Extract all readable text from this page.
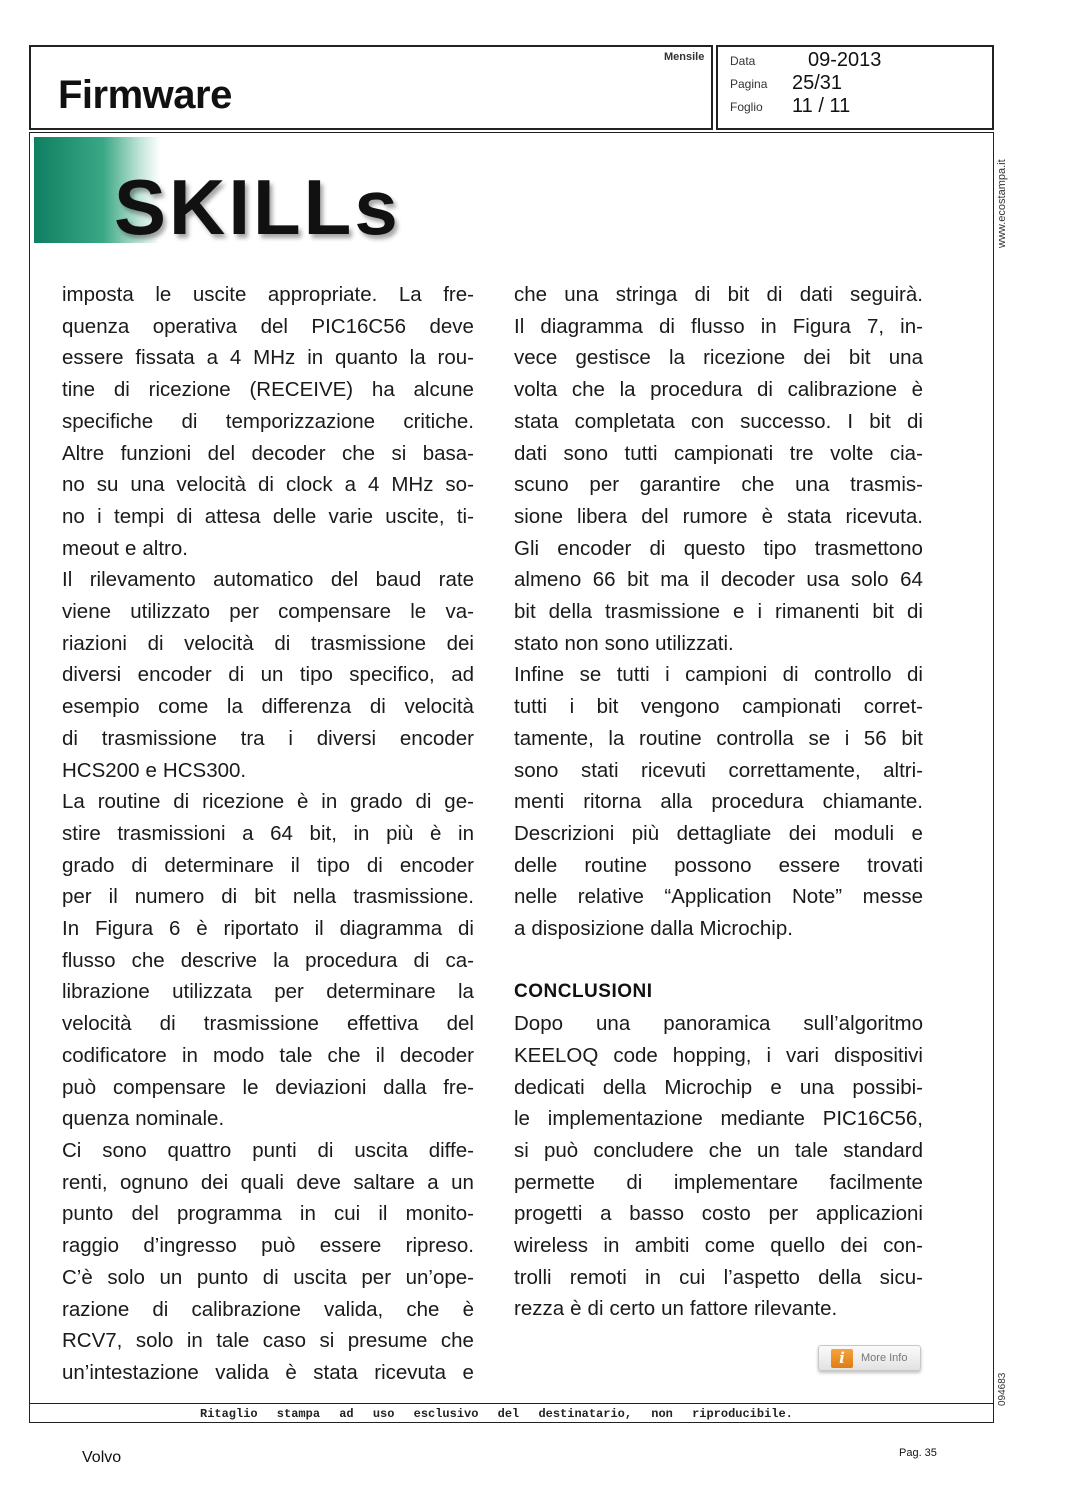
Firmware
Mensile Data	09-2013
Pagina 25/31
Foglio 11 / 11
www.ecostampa.it
094683
SKILLs
imposta le uscite appropriate. La fre-
quenza operativa del PIC16C56 deve
essere fissata a 4 MHz in quanto la rou-
tine di ricezione (RECEIVE) ha alcune
specifiche di temporizzazione critiche.
Altre funzioni del decoder che si basa-
no su una velocità di clock a 4 MHz so-
no i tempi di attesa delle varie uscite, ti-
meout e altro.
Il rilevamento automatico del baud rate
viene utilizzato per compensare le va-
riazioni di velocità di trasmissione dei
diversi encoder di un tipo specifico, ad
esempio come la differenza di velocità
di trasmissione tra i diversi encoder
HCS200 e HCS300.
La routine di ricezione è in grado di ge-
stire trasmissioni a 64 bit, in più è in
grado di determinare il tipo di encoder
per il numero di bit nella trasmissione.
In Figura 6 è riportato il diagramma di
flusso che descrive la procedura di ca-
librazione utilizzata per determinare la
velocità di trasmissione effettiva del
codificatore in modo tale che il decoder
può compensare le deviazioni dalla fre-
quenza nominale.
Ci sono quattro punti di uscita diffe-
renti, ognuno dei quali deve saltare a un
punto del programma in cui il monito-
raggio d’ingresso può essere ripreso.
C’è solo un punto di uscita per un’ope-
razione di calibrazione valida, che è
RCV7, solo in tale caso si presume che
un’intestazione valida è stata ricevuta e
che una stringa di bit di dati seguirà.
Il diagramma di flusso in Figura 7, in-
vece gestisce la ricezione dei bit una
volta che la procedura di calibrazione è
stata completata con successo. I bit di
dati sono tutti campionati tre volte cia-
scuno per garantire che una trasmis-
sione libera del rumore è stata ricevuta.
Gli encoder di questo tipo trasmettono
almeno 66 bit ma il decoder usa solo 64
bit della trasmissione e i rimanenti bit di
stato non sono utilizzati.
Infine se tutti i campioni di controllo di
tutti i bit vengono campionati corret-
tamente, la routine controlla se i 56 bit
sono stati ricevuti correttamente, altri-
menti ritorna alla procedura chiamante.
Descrizioni più dettagliate dei moduli e
delle routine possono essere trovati
nelle relative “Application Note” messe
a disposizione dalla Microchip.
CONCLUSIONI
Dopo una panoramica sull’algoritmo
KEELOQ code hopping, i vari dispositivi
dedicati della Microchip e una possibi-
le implementazione mediante PIC16C56,
si può concludere che un tale standard
permette di implementare facilmente
progetti a basso costo per applicazioni
wireless in ambiti come quello dei con-
trolli remoti in cui l’aspetto della sicu-
rezza è di certo un fattore rilevante.
i	More Info
Ritaglio stampa ad uso esclusivo del destinatario, non riproducibile.
Volvo	Pag. 35
